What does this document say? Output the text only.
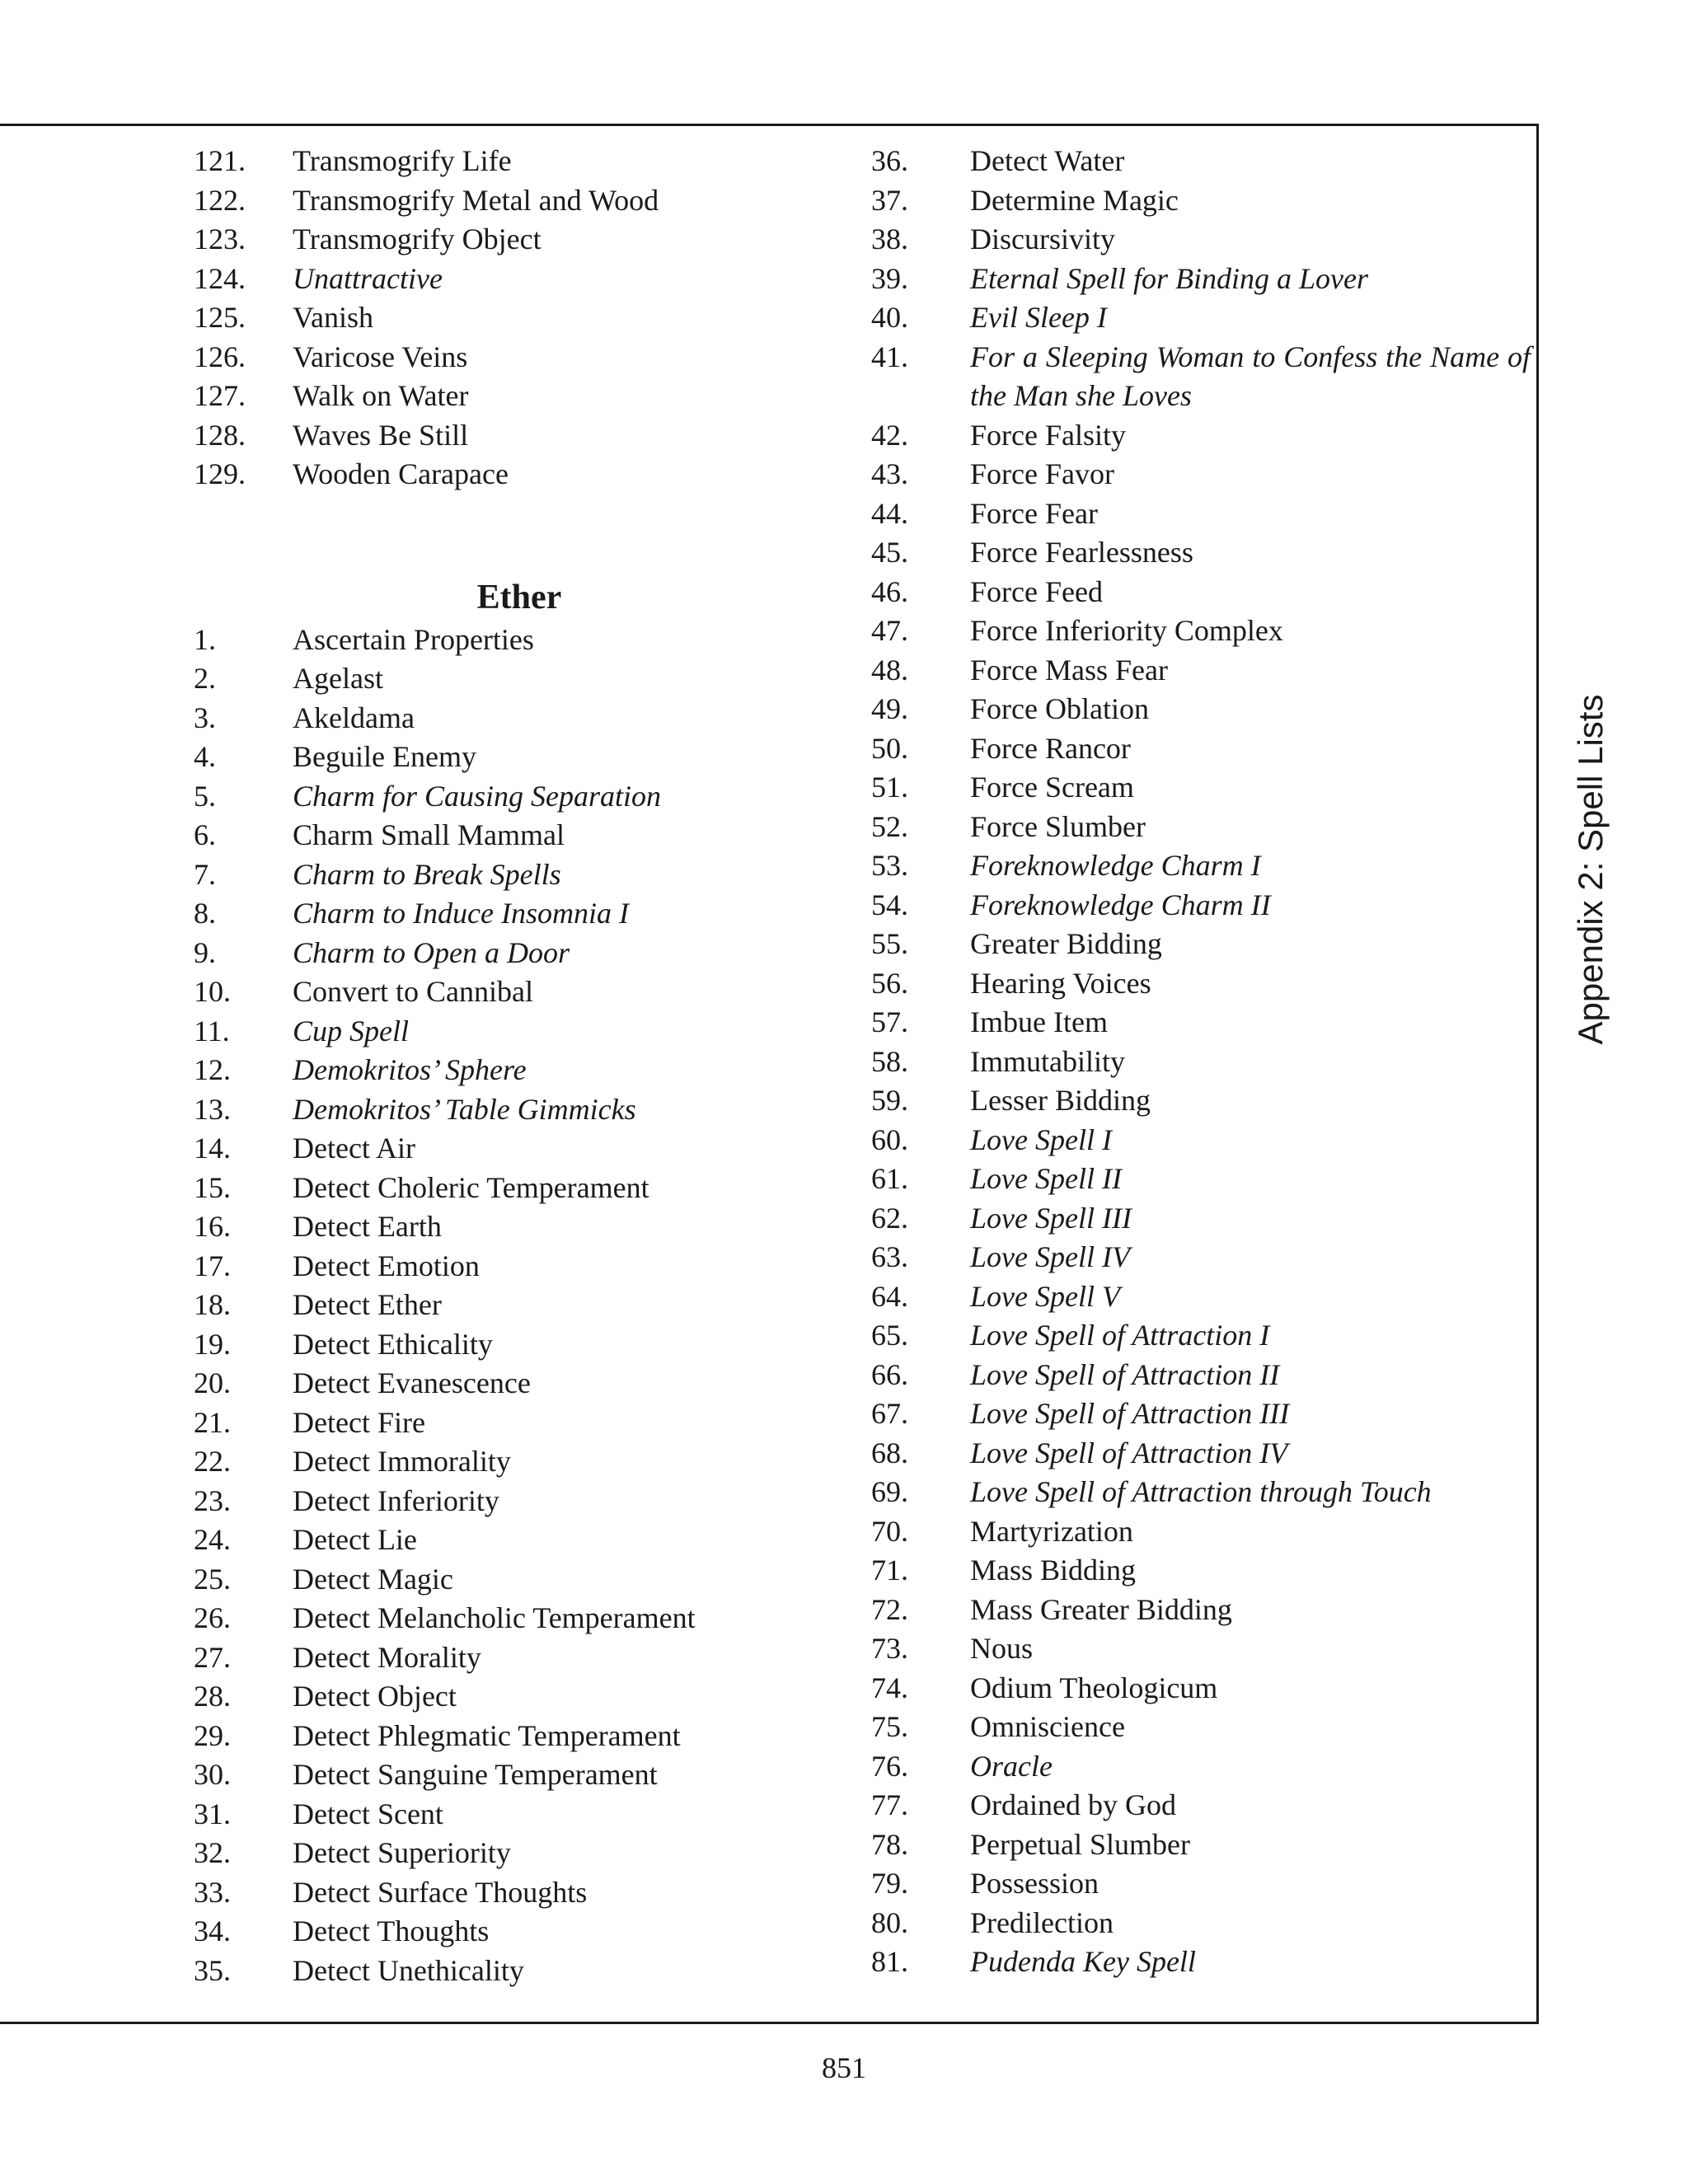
121.	Transmogrify Life
122.	Transmogrify Metal and Wood
123.	Transmogrify Object
124.	Unattractive
125.	Vanish
126.	Varicose Veins
127.	Walk on Water
128.	Waves Be Still
129.	Wooden Carapace
Ether
1.	Ascertain Properties
2.	Agelast
3.	Akeldama
4.	Beguile Enemy
5.	Charm for Causing Separation
6.	Charm Small Mammal
7.	Charm to Break Spells
8.	Charm to Induce Insomnia I
9.	Charm to Open a Door
10.	Convert to Cannibal
11.	Cup Spell
12.	Demokritos’ Sphere
13.	Demokritos’ Table Gimmicks
14.	Detect Air
15.	Detect Choleric Temperament
16.	Detect Earth
17.	Detect Emotion
18.	Detect Ether
19.	Detect Ethicality
20.	Detect Evanescence
21.	Detect Fire
22.	Detect Immorality
23.	Detect Inferiority
24.	Detect Lie
25.	Detect Magic
26.	Detect Melancholic Temperament
27.	Detect Morality
28.	Detect Object
29.	Detect Phlegmatic Temperament
30.	Detect Sanguine Temperament
31.	Detect Scent
32.	Detect Superiority
33.	Detect Surface Thoughts
34.	Detect Thoughts
35.	Detect Unethicality
36.	Detect Water
37.	Determine Magic
38.	Discursivity
39.	Eternal Spell for Binding a Lover
40.	Evil Sleep I
41.	For a Sleeping Woman to Confess the Name of the Man she Loves
42.	Force Falsity
43.	Force Favor
44.	Force Fear
45.	Force Fearlessness
46.	Force Feed
47.	Force Inferiority Complex
48.	Force Mass Fear
49.	Force Oblation
50.	Force Rancor
51.	Force Scream
52.	Force Slumber
53.	Foreknowledge Charm I
54.	Foreknowledge Charm II
55.	Greater Bidding
56.	Hearing Voices
57.	Imbue Item
58.	Immutability
59.	Lesser Bidding
60.	Love Spell I
61.	Love Spell II
62.	Love Spell III
63.	Love Spell IV
64.	Love Spell V
65.	Love Spell of Attraction I
66.	Love Spell of Attraction II
67.	Love Spell of Attraction III
68.	Love Spell of Attraction IV
69.	Love Spell of Attraction through Touch
70.	Martyrization
71.	Mass Bidding
72.	Mass Greater Bidding
73.	Nous
74.	Odium Theologicum
75.	Omniscience
76.	Oracle
77.	Ordained by God
78.	Perpetual Slumber
79.	Possession
80.	Predilection
81.	Pudenda Key Spell
Appendix 2: Spell Lists
851
